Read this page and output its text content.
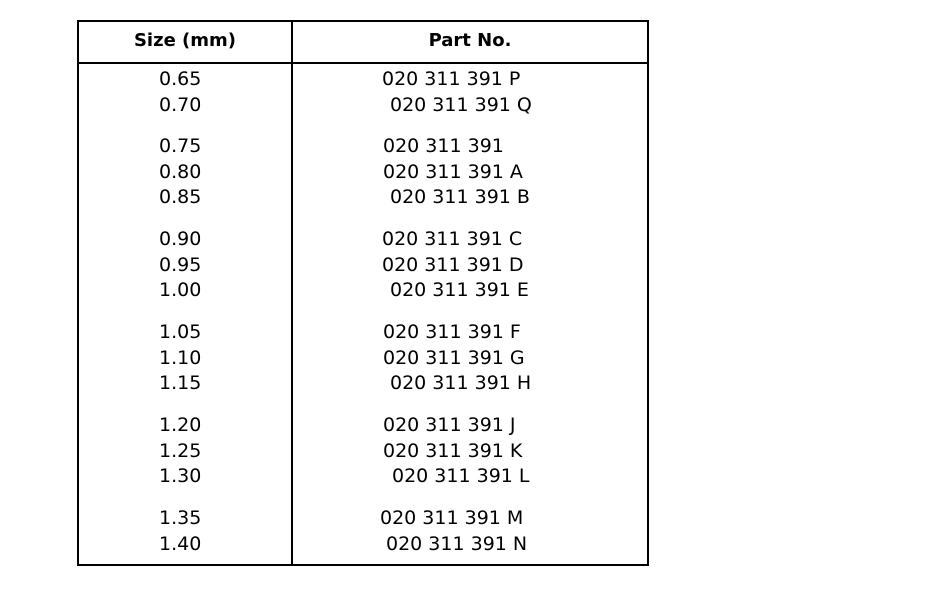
Size (mm)	Part No.
0.65	020 311 391 P
0.70	020 311 391 Q
0.75	020 311 391
0.80	020 311 391 A
0.85	020 311 391 B
0.90	020 311 391 C
0.95	020 311 391 D
1.00	020 311 391 E
1.05	020 311 391 F
1.10	020 311 391 G
1.15	020 311 391 H
1.20	020 311 391 J
1.25	020 311 391 K
1.30	020 311 391 L
1.35	020 311 391 M
1.40	020 311 391 N
